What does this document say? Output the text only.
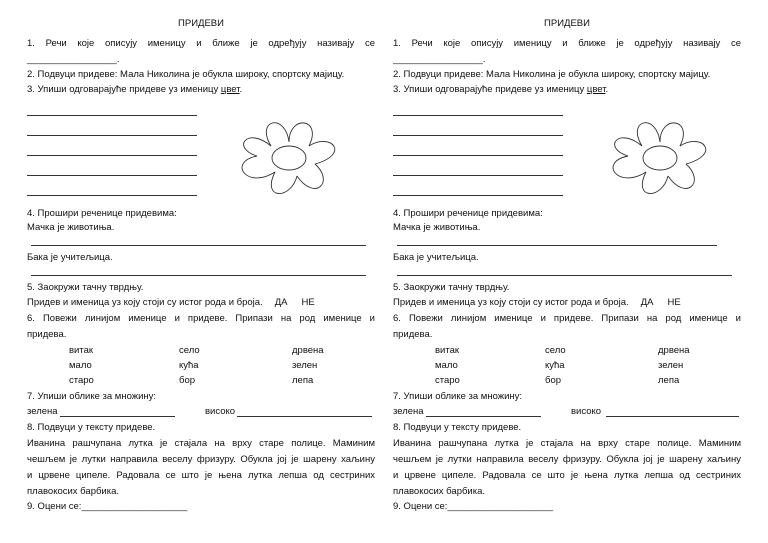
ПРИДЕВИ
1. Речи које описују именицу и ближе је одређују називају се
_________________.
2. Подвуци придеве: Мала Николина је обукла широку, спортску мајицу.
3. Упиши одговарајуће придеве уз именицу цвет.
4. Прошири реченице придевима:
Мачка је животиња.
Бака је учитељица.
5. Заокружи тачну тврдњу.
Придев и именица уз коју стоји су истог рода и броја. ДА НЕ
6. Повежи линијом именице и придеве. Припази на род именице и
придева.
витак
мало
старо
село
кућа
бор
дрвена
зелен
лепа
7. Упиши облике за множину:
зелена	високо
8. Подвуци у тексту придеве.
Иванина рашчупана лутка је стајала на врху старе полице. Маминим
чешљем је лутки направила веселу фризуру. Обукла јој је шарену хаљину
и црвене ципеле. Радовала се што је њена лутка лепша од сестриних
плавокосих барбика.
9. Оцени се:____________________
ПРИДЕВИ
1. Речи које описују именицу и ближе је одређују називају се
_________________.
2. Подвуци придеве: Мала Николина је обукла широку, спортску мајицу.
3. Упиши одговарајуће придеве уз именицу цвет.
4. Прошири реченице придевима:
Мачка је животиња.
Бака је учитељица.
5. Заокружи тачну тврдњу.
Придев и именица уз коју стоји су истог рода и броја. ДА НЕ
6. Повежи линијом именице и придеве. Припази на род именице и
придева.
витак
мало
старо
село
кућа
бор
дрвена
зелен
лепа
7. Упиши облике за множину:
зелена	високо
8. Подвуци у тексту придеве.
Иванина рашчупана лутка је стајала на врху старе полице. Маминим
чешљем је лутки направила веселу фризуру. Обукла јој је шарену хаљину
и црвене ципеле. Радовала се што је њена лутка лепша од сестриних
плавокосих барбика.
9. Оцени се:____________________
